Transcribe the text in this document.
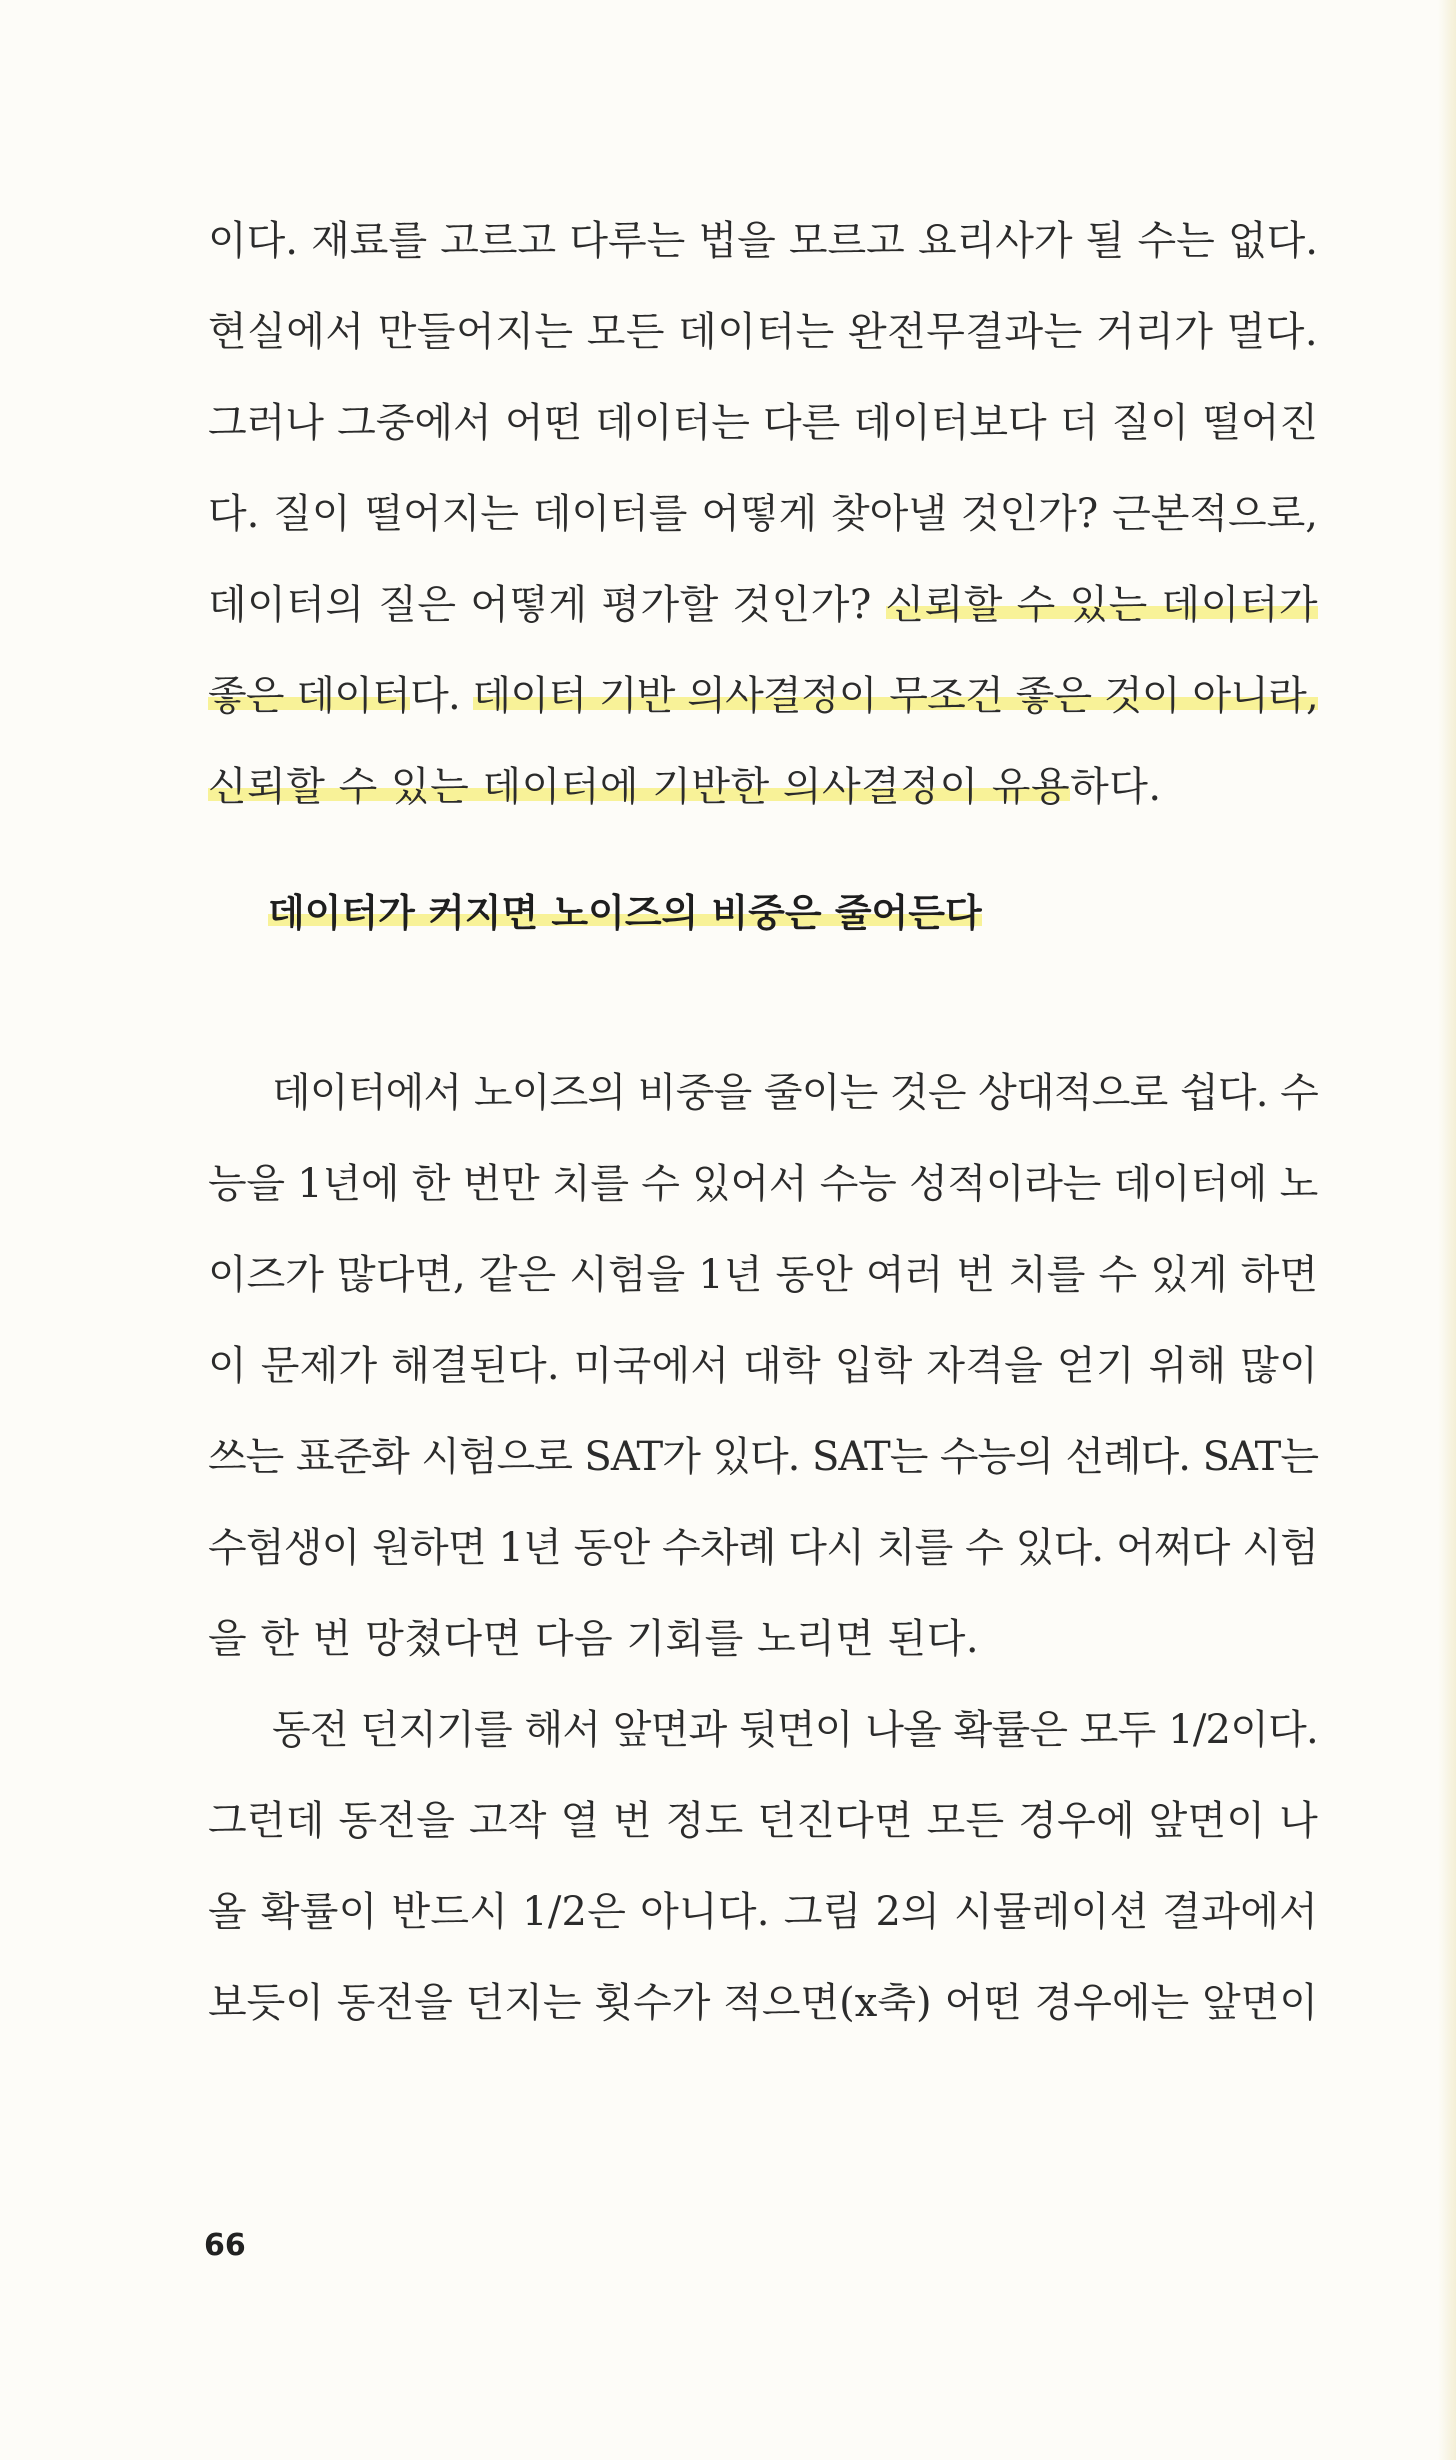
이다. 재료를 고르고 다루는 법을 모르고 요리사가 될 수는 없다.
현실에서 만들어지는 모든 데이터는 완전무결과는 거리가 멀다.
그러나 그중에서 어떤 데이터는 다른 데이터보다 더 질이 떨어진
다. 질이 떨어지는 데이터를 어떻게 찾아낼 것인가? 근본적으로,
데이터의 질은 어떻게 평가할 것인가? 신뢰할 수 있는 데이터가
좋은 데이터다. 데이터 기반 의사결정이 무조건 좋은 것이 아니라,
신뢰할 수 있는 데이터에 기반한 의사결정이 유용하다.
데이터가 커지면 노이즈의 비중은 줄어든다
데이터에서 노이즈의 비중을 줄이는 것은 상대적으로 쉽다. 수
능을 1년에 한 번만 치를 수 있어서 수능 성적이라는 데이터에 노
이즈가 많다면, 같은 시험을 1년 동안 여러 번 치를 수 있게 하면
이 문제가 해결된다. 미국에서 대학 입학 자격을 얻기 위해 많이
쓰는 표준화 시험으로 SAT가 있다. SAT는 수능의 선례다. SAT는
수험생이 원하면 1년 동안 수차례 다시 치를 수 있다. 어쩌다 시험
을 한 번 망쳤다면 다음 기회를 노리면 된다.
동전 던지기를 해서 앞면과 뒷면이 나올 확률은 모두 1/2이다.
그런데 동전을 고작 열 번 정도 던진다면 모든 경우에 앞면이 나
올 확률이 반드시 1/2은 아니다. 그림 2의 시뮬레이션 결과에서
보듯이 동전을 던지는 횟수가 적으면(x축) 어떤 경우에는 앞면이
66
